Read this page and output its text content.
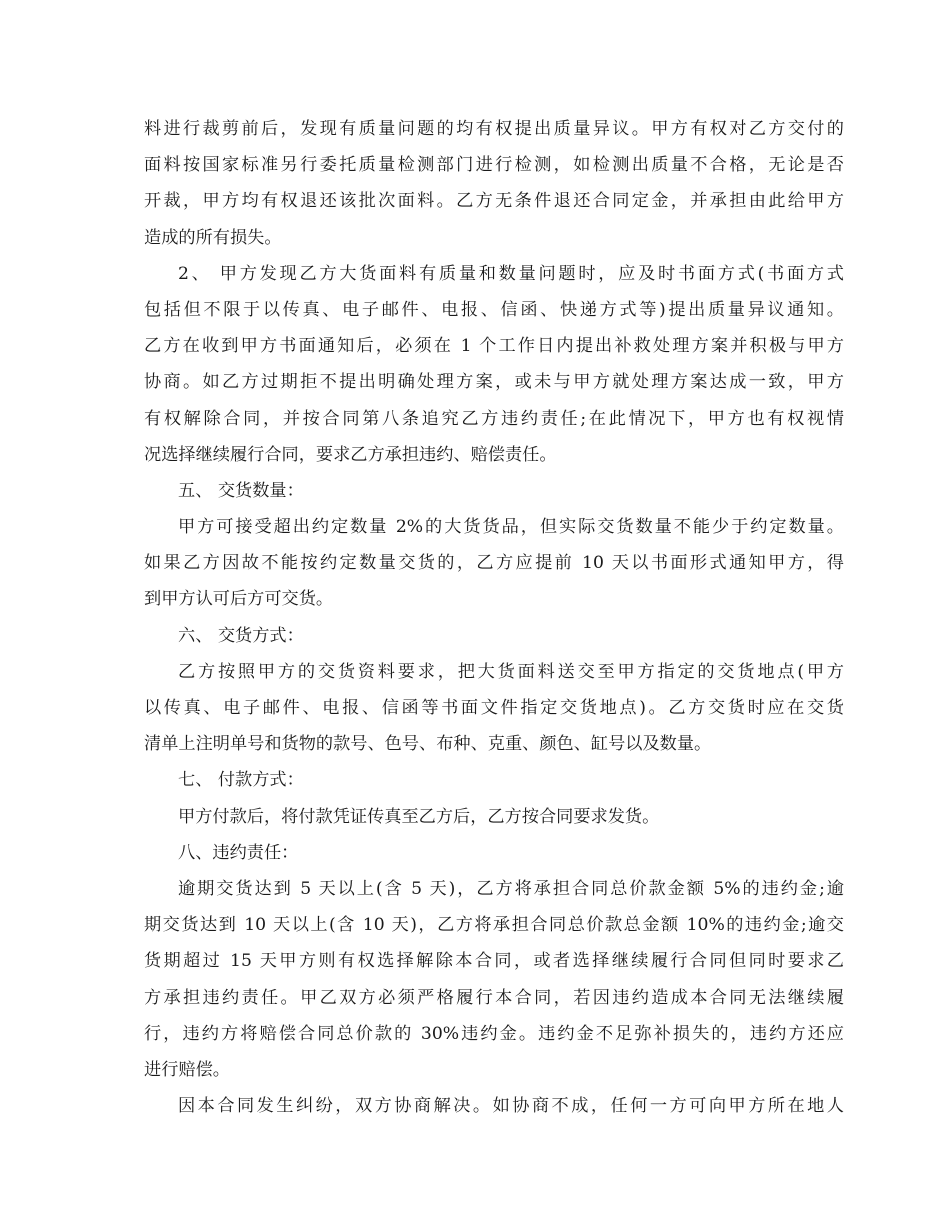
料进行裁剪前后，发现有质量问题的均有权提出质量异议。甲方有权对乙方交付的
面料按国家标准另行委托质量检测部门进行检测，如检测出质量不合格，无论是否
开裁，甲方均有权退还该批次面料。乙方无条件退还合同定金，并承担由此给甲方
造成的所有损失。
2、 甲方发现乙方大货面料有质量和数量问题时，应及时书面方式(书面方式
包括但不限于以传真、电子邮件、电报、信函、快递方式等)提出质量异议通知。
乙方在收到甲方书面通知后，必须在 1 个工作日内提出补救处理方案并积极与甲方
协商。如乙方过期拒不提出明确处理方案，或未与甲方就处理方案达成一致，甲方
有权解除合同，并按合同第八条追究乙方违约责任;在此情况下，甲方也有权视情
况选择继续履行合同，要求乙方承担违约、赔偿责任。
五、 交货数量：
甲方可接受超出约定数量 2%的大货货品，但实际交货数量不能少于约定数量。
如果乙方因故不能按约定数量交货的，乙方应提前 10 天以书面形式通知甲方，得
到甲方认可后方可交货。
六、 交货方式：
乙方按照甲方的交货资料要求，把大货面料送交至甲方指定的交货地点(甲方
以传真、电子邮件、电报、信函等书面文件指定交货地点)。乙方交货时应在交货
清单上注明单号和货物的款号、色号、布种、克重、颜色、缸号以及数量。
七、 付款方式：
甲方付款后，将付款凭证传真至乙方后，乙方按合同要求发货。
八、违约责任：
逾期交货达到 5 天以上(含 5 天)，乙方将承担合同总价款金额 5%的违约金;逾
期交货达到 10 天以上(含 10 天)，乙方将承担合同总价款总金额 10%的违约金;逾交
货期超过 15 天甲方则有权选择解除本合同，或者选择继续履行合同但同时要求乙
方承担违约责任。甲乙双方必须严格履行本合同，若因违约造成本合同无法继续履
行，违约方将赔偿合同总价款的 30%违约金。违约金不足弥补损失的，违约方还应
进行赔偿。
因本合同发生纠纷，双方协商解决。如协商不成，任何一方可向甲方所在地人
